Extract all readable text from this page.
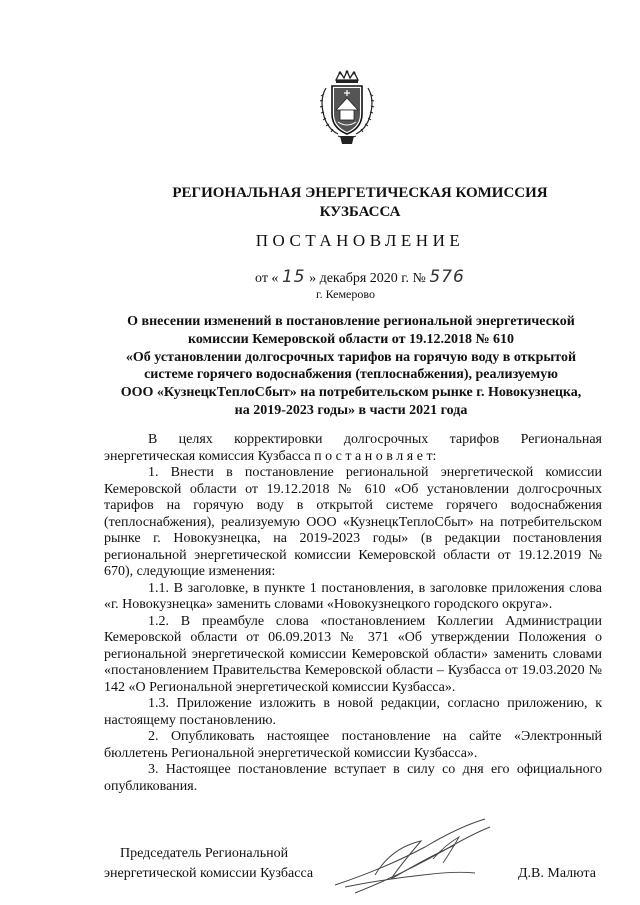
РЕГИОНАЛЬНАЯ ЭНЕРГЕТИЧЕСКАЯ КОМИССИЯ
КУЗБАССА
ПОСТАНОВЛЕНИЕ
от « 15 » декабря 2020 г. № 576
г. Кемерово
О внесении изменений в постановление региональной энергетической
комиссии Кемеровской области от 19.12.2018 № 610
«Об установлении долгосрочных тарифов на горячую воду в открытой
системе горячего водоснабжения (теплоснабжения), реализуемую
ООО «КузнецкТеплоСбыт» на потребительском рынке г. Новокузнецка,
на 2019-2023 годы» в части 2021 года

В целях корректировки долгосрочных тарифов Региональная энергетическая комиссия Кузбасса п о с т а н о в л я е т:

1. Внести в постановление региональной энергетической комиссии Кемеровской области от 19.12.2018 № 610 «Об установлении долгосрочных тарифов на горячую воду в открытой системе горячего водоснабжения (теплоснабжения), реализуемую ООО «КузнецкТеплоСбыт» на потребительском рынке г. Новокузнецка, на 2019-2023 годы» (в редакции постановления региональной энергетической комиссии Кемеровской области от 19.12.2019 № 670), следующие изменения:

1.1. В заголовке, в пункте 1 постановления, в заголовке приложения слова «г. Новокузнецка» заменить словами «Новокузнецкого городского округа».

1.2. В преамбуле слова «постановлением Коллегии Администрации Кемеровской области от 06.09.2013 № 371 «Об утверждении Положения о региональной энергетической комиссии Кемеровской области» заменить словами «постановлением Правительства Кемеровской области – Кузбасса от 19.03.2020 № 142 «О Региональной энергетической комиссии Кузбасса».

1.3. Приложение изложить в новой редакции, согласно приложению, к настоящему постановлению.

2. Опубликовать настоящее постановление на сайте «Электронный бюллетень Региональной энергетической комиссии Кузбасса».

3. Настоящее постановление вступает в силу со дня его официального опубликования.

Председатель Региональной
энергетической комиссии Кузбасса	Д.В. Малюта
